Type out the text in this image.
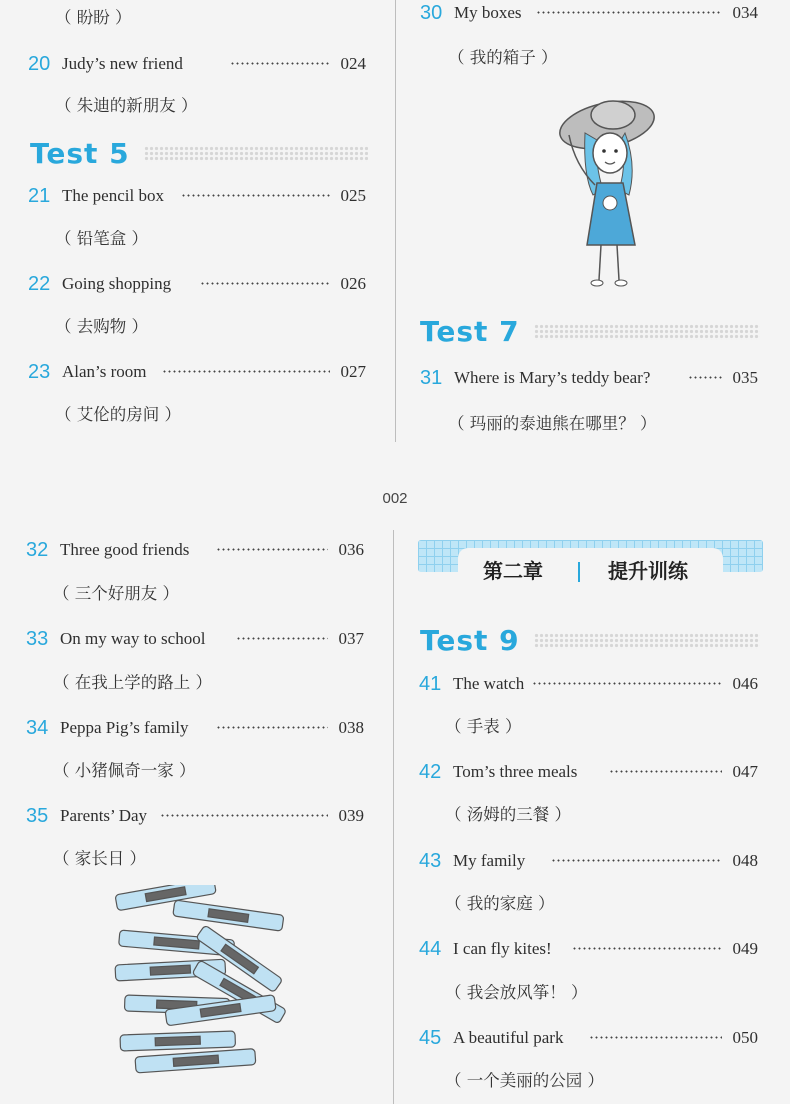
（ 盼盼 ）
20 Judy’s new friend	024
（ 朱迪的新朋友 ）
Test 5
21 The pencil box	025
（ 铅笔盒 ）
22 Going shopping	026
（ 去购物 ）
23 Alan’s room	027
（ 艾伦的房间 ）
30 My boxes	034
（ 我的箱子 ）
Test 7
31 Where is Mary’s teddy bear?	035
（ 玛丽的泰迪熊在哪里？ ）
002
32 Three good friends	036
（ 三个好朋友 ）
33 On my way to school	037
（ 在我上学的路上 ）
34 Peppa Pig’s family	038
（ 小猪佩奇一家 ）
35 Parents’ Day	039
（ 家长日 ）
第二章	提升训练
Test 9
41 The watch	046
（ 手表 ）
42 Tom’s three meals	047
（ 汤姆的三餐 ）
43 My family	048
（ 我的家庭 ）
44 I can fly kites!	049
（ 我会放风筝！ ）
45 A beautiful park	050
（ 一个美丽的公园 ）
